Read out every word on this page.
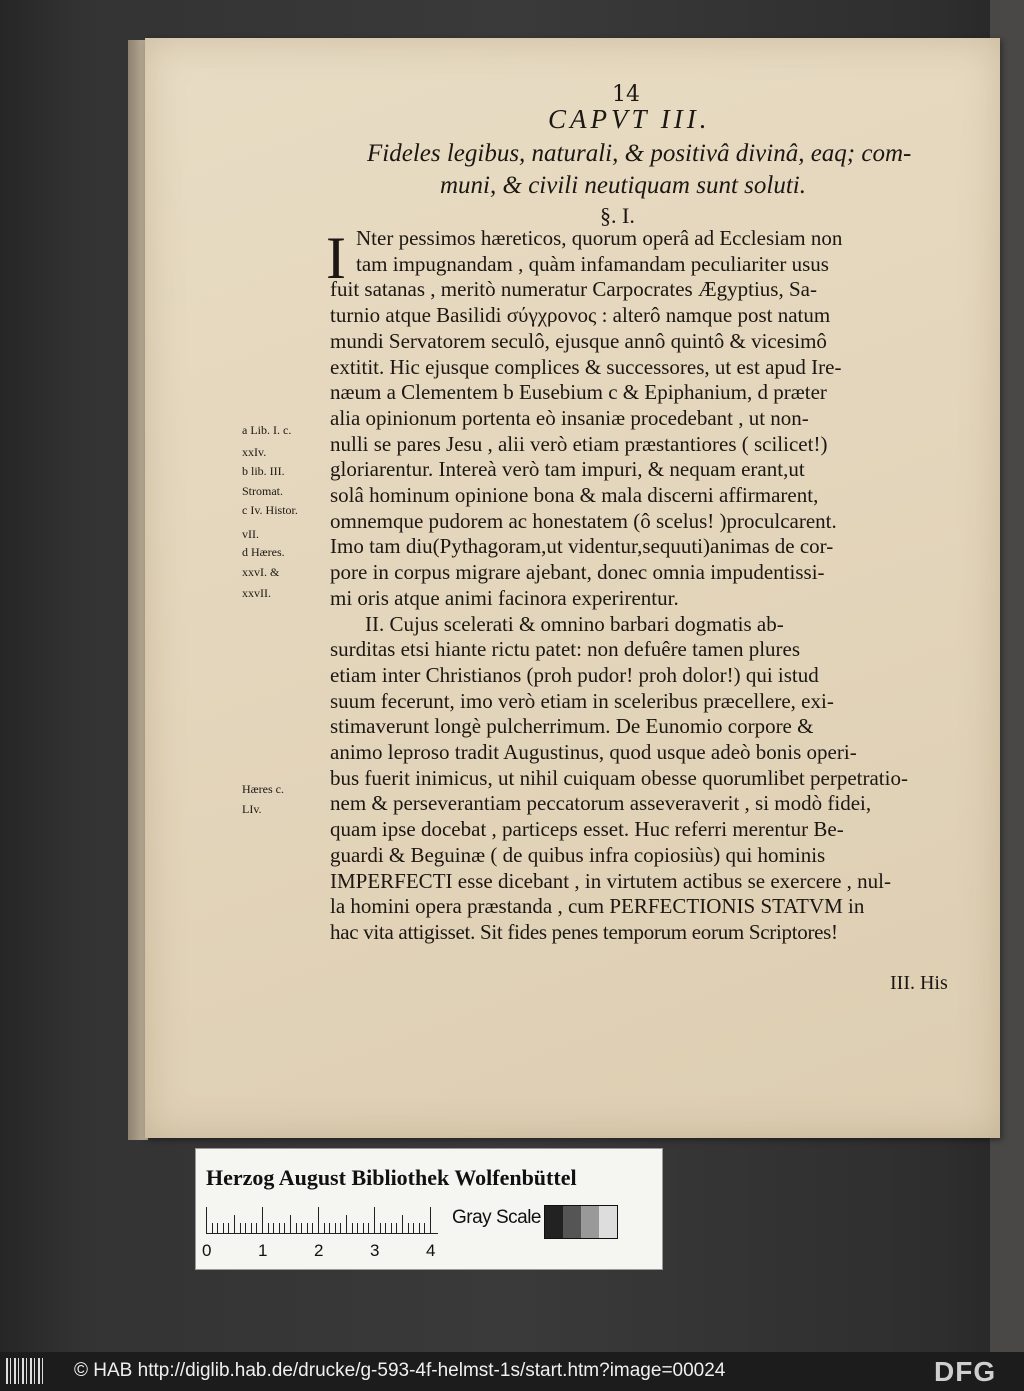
14
CAPVT III.
Fideles legibus, naturali, & positivâ divinâ, eaq; com-
muni, & civili neutiquam sunt soluti.
§. I.
I Nter pessimos hæreticos, quorum operâ ad Ecclesiam non
tam impugnandam , quàm infamandam peculiariter usus
fuit satanas , meritò numeratur Carpocrates Ægyptius, Sa-
turnio atque Basilidi σύγχρονος : alterô namque post natum
mundi Servatorem seculô, ejusque annô quintô & vicesimô
extitit. Hic ejusque complices & successores, ut est apud Ire-
næum a Clementem b Eusebium c & Epiphanium, d præter
alia opinionum portenta eò insaniæ procedebant , ut non-
nulli se pares Jesu , alii verò etiam præstantiores ( scilicet!)
gloriarentur. Intereà verò tam impuri, & nequam erant,ut
solâ hominum opinione bona & mala discerni affirmarent,
omnemque pudorem ac honestatem (ô scelus! )proculcarent.
Imo tam diu(Pythagoram,ut videntur,sequuti)animas de cor-
pore in corpus migrare ajebant, donec omnia impudentissi-
mi oris atque animi facinora experirentur.
II. Cujus scelerati & omnino barbari dogmatis ab-
surditas etsi hiante rictu patet: non defuêre tamen plures
etiam inter Christianos (proh pudor! proh dolor!) qui istud
suum fecerunt, imo verò etiam in sceleribus præcellere, exi-
stimaverunt longè pulcherrimum. De Eunomio corpore &
animo leproso tradit Augustinus, quod usque adeò bonis operi-
bus fuerit inimicus, ut nihil cuiquam obesse quorumlibet perpetratio-
nem & perseverantiam peccatorum asseveraverit , si modò fidei,
quam ipse docebat , particeps esset. Huc referri merentur Be-
guardi & Beguinæ ( de quibus infra copiosiùs) qui hominis
IMPERFECTI esse dicebant , in virtutem actibus se exercere , nul-
la homini opera præstanda , cum PERFECTIONIS STATVM in
hac vita attigisset. Sit fides penes temporum eorum Scriptores!
a Lib. I. c.
xxIv.
b lib. III.
Stromat.
c Iv. Histor.
vII.
d Hæres.
xxvI. &
xxvII.
Hæres c.
LIv.
III. His
Herzog August Bibliothek Wolfenbüttel
0	1	2	3	4
Gray Scale
© HAB http://diglib.hab.de/drucke/g-593-4f-helmst-1s/start.htm?image=00024	DFG
